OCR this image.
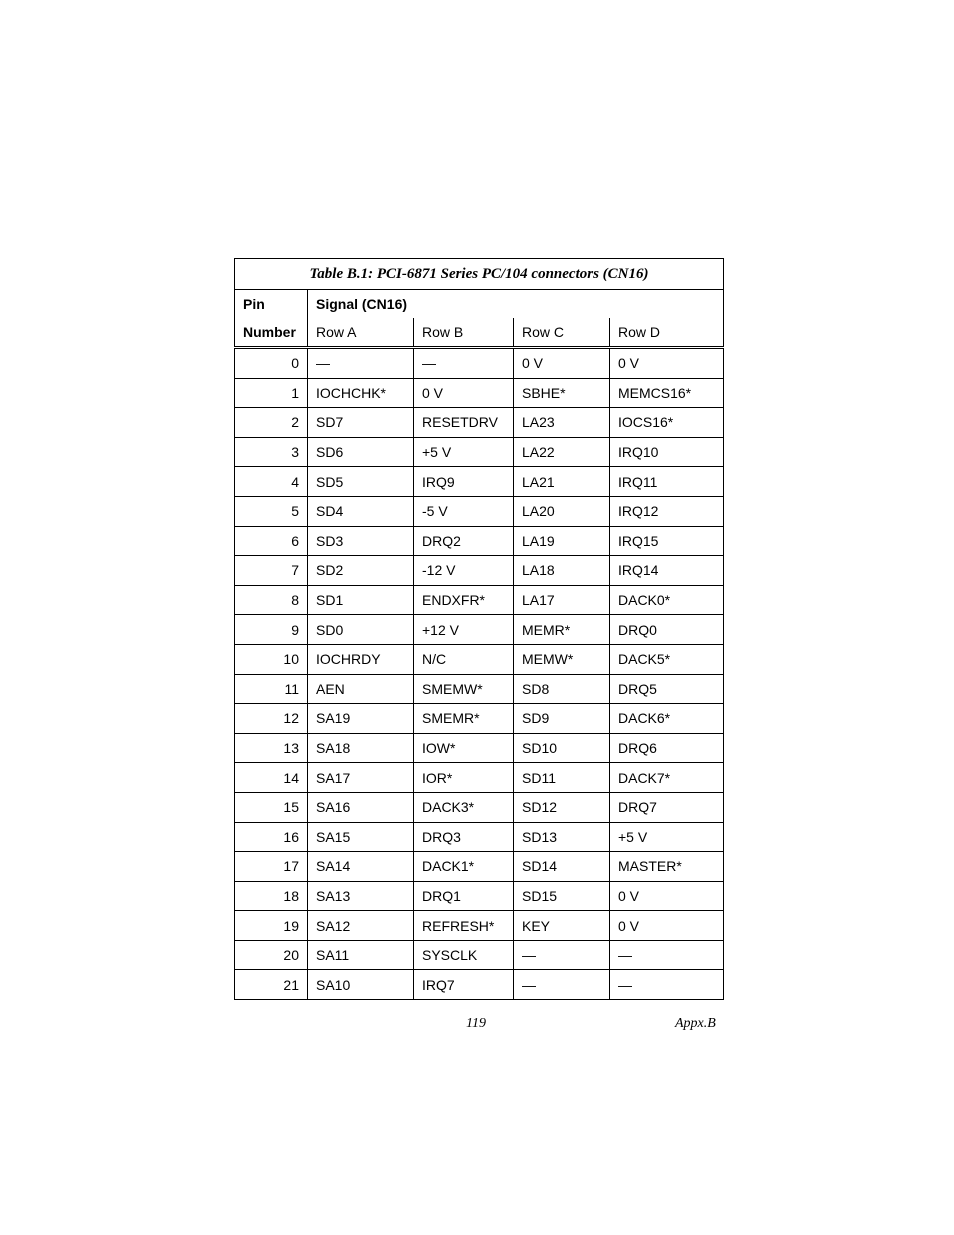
Table B.1: PCI-6871 Series PC/104 connectors (CN16)				
Pin	Signal (CN16)			
Number	Row A	Row B	Row C	Row D
0	—	—	0 V	0 V
1	IOCHCHK*	0 V	SBHE*	MEMCS16*
2	SD7	RESETDRV	LA23	IOCS16*
3	SD6	+5 V	LA22	IRQ10
4	SD5	IRQ9	LA21	IRQ11
5	SD4	-5 V	LA20	IRQ12
6	SD3	DRQ2	LA19	IRQ15
7	SD2	-12 V	LA18	IRQ14
8	SD1	ENDXFR*	LA17	DACK0*
9	SD0	+12 V	MEMR*	DRQ0
10	IOCHRDY	N/C	MEMW*	DACK5*
11	AEN	SMEMW*	SD8	DRQ5
12	SA19	SMEMR*	SD9	DACK6*
13	SA18	IOW*	SD10	DRQ6
14	SA17	IOR*	SD11	DACK7*
15	SA16	DACK3*	SD12	DRQ7
16	SA15	DRQ3	SD13	+5 V
17	SA14	DACK1*	SD14	MASTER*
18	SA13	DRQ1	SD15	0 V
19	SA12	REFRESH*	KEY	0 V
20	SA11	SYSCLK	—	—
21	SA10	IRQ7	—	—
119	Appx.B
